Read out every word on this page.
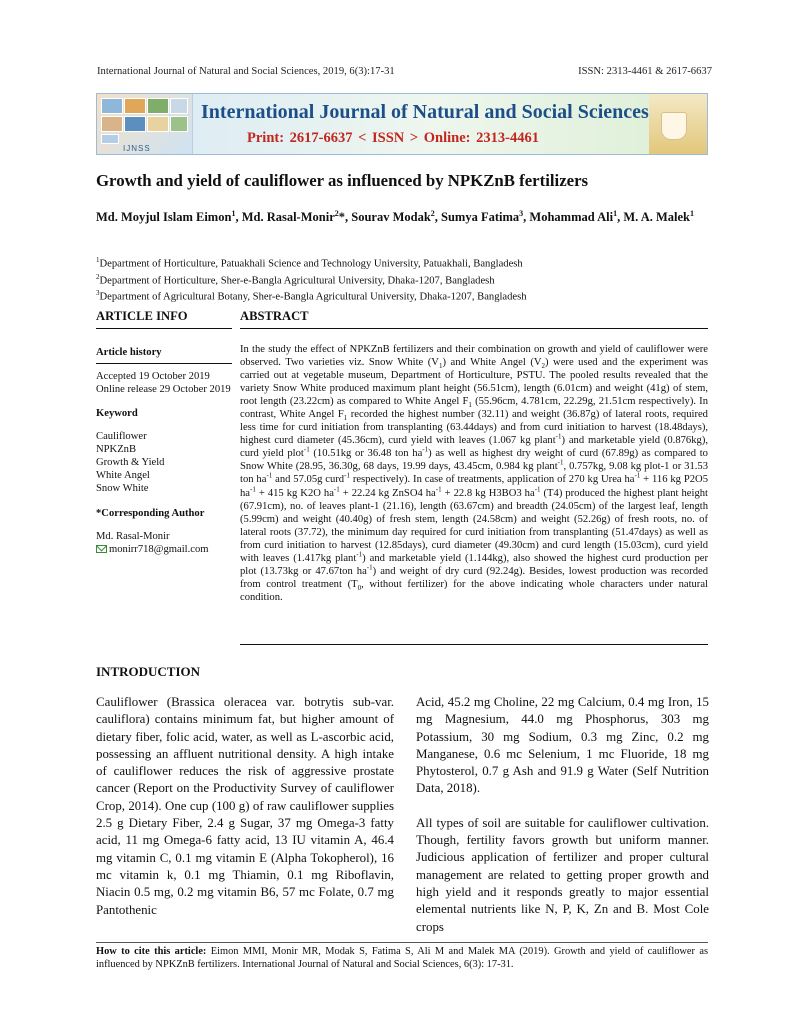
International Journal of Natural and Social Sciences, 2019, 6(3):17-31	ISSN: 2313-4461 & 2617-6637
IJNSS
International Journal of Natural and Social Sciences
Print: 2617-6637 < ISSN > Online: 2313-4461
Growth and yield of cauliflower as influenced by NPKZnB fertilizers
Md. Moyjul Islam Eimon$^1$, Md. Rasal-Monir$^2$*, Sourav Modak$^2$, Sumya Fatima$^3$, Mohammad Ali$^1$, M. A. Malek$^1$
$^1$Department of Horticulture, Patuakhali Science and Technology University, Patuakhali, Bangladesh
$^2$Department of Horticulture, Sher-e-Bangla Agricultural University, Dhaka-1207, Bangladesh
$^3$Department of Agricultural Botany, Sher-e-Bangla Agricultural University, Dhaka-1207, Bangladesh
ARTICLE INFO	ABSTRACT
Article history
Accepted 19 October 2019
Online release 29 October 2019
Keyword
Cauliflower
NPKZnB
Growth & Yield
White Angel
Snow White
*Corresponding Author
Md. Rasal-Monir
monirr718@gmail.com
In the study the effect of NPKZnB fertilizers and their combination on growth and yield of cauliflower were observed. Two varieties viz. Snow White $(V_1)$ and White Angel $(V_2)$ were used and the experiment was carried out at vegetable museum, Department of Horticulture, PSTU. The pooled results revealed that the variety Snow White produced maximum plant height (56.51cm), length (6.01cm) and weight (41g) of stem, root length (23.22cm) as compared to White Angel $F_1$ (55.96cm, 4.781cm, 22.29g, 21.51cm respectively). In contrast, White Angel $F_1$ recorded the highest number (32.11) and weight (36.87g) of lateral roots, required less time for curd initiation from transplanting (63.44days) and from curd initiation to harvest (18.48days), highest curd diameter (45.36cm), curd yield with leaves (1.067 kg plant$^{-1}$) and marketable yield (0.876kg), curd yield plot$^{-1}$ (10.51kg or 36.48 ton $ha^{-1}$) as well as highest dry weight of curd (67.89g) as compared to Snow White (28.95, 36.30g, 68 days, 19.99 days, 43.45cm, 0.984 kg plant$^{-1}$, 0.757kg, 9.08 kg plot-1 or 31.53 ton $ha^{-1}$ and 57.05g curd$^{-1}$ respectively). In case of treatments, application of 270 kg Urea $ha^{-1} + 116$ kg P2O5 $ha^{-1} + 415$ kg K2O $ha^{-1} + 22.24$ kg ZnSO4 $ha^{-1} + 22.8$ kg H3BO3 $ha^{-1}$ (T4) produced the highest plant height (67.91cm), no. of leaves plant-1 (21.16), length (63.67cm) and breadth (24.05cm) of the largest leaf, length (5.99cm) and weight (40.40g) of fresh stem, length (24.58cm) and weight (52.26g) of fresh roots, no. of lateral roots (37.72), the minimum day required for curd initiation from transplanting (51.47days) as well as from curd initiation to harvest (12.85days), curd diameter (49.30cm) and curd length (15.03cm), curd yield with leaves (1.417kg plant$^{-1}$) and marketable yield (1.144kg), also showed the highest curd production per plot (13.73kg or 47.67ton $ha^{-1}$) and weight of dry curd (92.24g). Besides, lowest production was recorded from control treatment ($T_0$, without fertilizer) for the above indicating whole characters under natural condition.
INTRODUCTION

Cauliflower (Brassica oleracea var. botrytis sub-var. cauliflora) contains minimum fat, but higher amount of dietary fiber, folic acid, water, as well as L-ascorbic acid, possessing an affluent nutritional density. A high intake of cauliflower reduces the risk of aggressive prostate cancer (Report on the Productivity Survey of cauliflower Crop, 2014). One cup (100 g) of raw cauliflower supplies 2.5 g Dietary Fiber, 2.4 g Sugar, 37 mg Omega-3 fatty acid, 11 mg Omega-6 fatty acid, 13 IU vitamin A, 46.4 mg vitamin C, 0.1 mg vitamin E (Alpha Tokopherol), 16 mc vitamin k, 0.1 mg Thiamin, 0.1 mg Riboflavin, Niacin 0.5 mg, 0.2 mg vitamin B6, 57 mc Folate, 0.7 mg Pantothenic

Acid, 45.2 mg Choline, 22 mg Calcium, 0.4 mg Iron, 15 mg Magnesium, 44.0 mg Phosphorus, 303 mg Potassium, 30 mg Sodium, 0.3 mg Zinc, 0.2 mg Manganese, 0.6 mc Selenium, 1 mc Fluoride, 18 mg Phytosterol, 0.7 g Ash and 91.9 g Water (Self Nutrition Data, 2018).

All types of soil are suitable for cauliflower cultivation. Though, fertility favors growth but uniform manner. Judicious application of fertilizer and proper cultural management are related to getting proper growth and high yield and it responds greatly to major essential elemental nutrients like N, P, K, Zn and B. Most Cole crops

How to cite this article: Eimon MMI, Monir MR, Modak S, Fatima S, Ali M and Malek MA (2019). Growth and yield of cauliflower as influenced by NPKZnB fertilizers. International Journal of Natural and Social Sciences, 6(3): 17-31.
